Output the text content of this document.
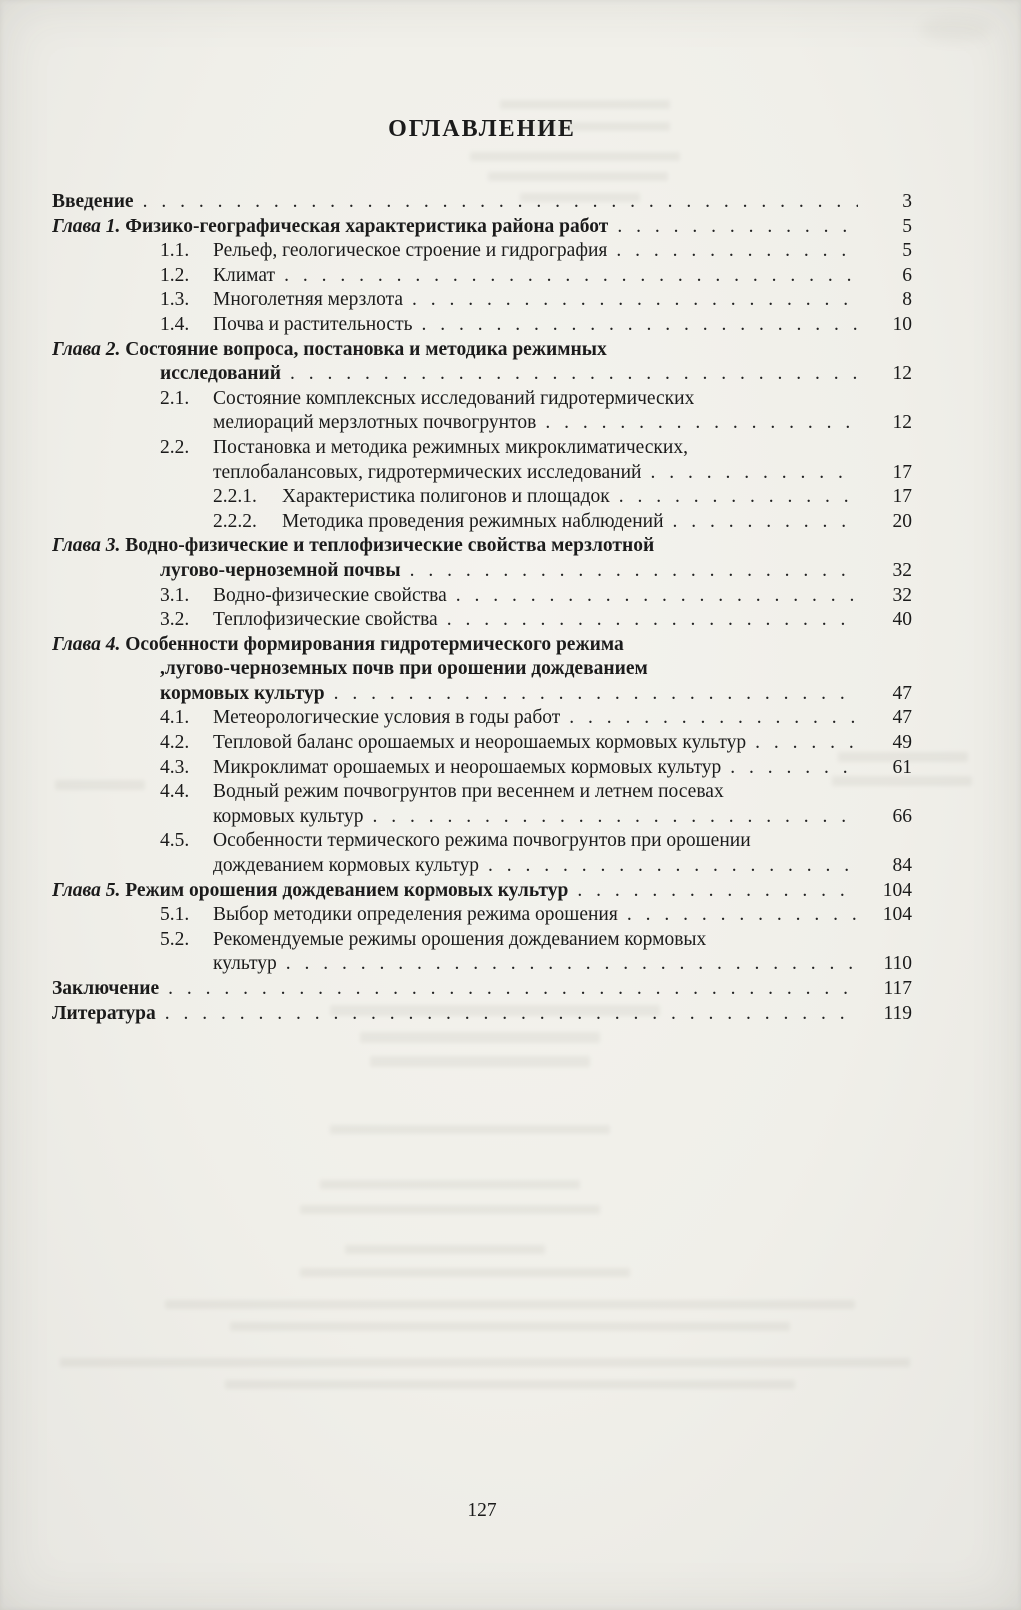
ОГЛАВЛЕНИЕ
Введение . . .	3
Глава 1. Физико-географическая характеристика района работ . . .	5
1.1. Рельеф, геологическое строение и гидрография . . .	5
1.2. Климат . . .	6
1.3. Многолетняя мерзлота . . .	8
1.4. Почва и растительность . . .	10
Глава 2. Состояние вопроса, постановка и методика режимных
исследований . . .	12
2.1. Состояние комплексных исследований гидротермических
мелиораций мерзлотных почвогрунтов . . .	12
2.2. Постановка и методика режимных микроклиматических,
теплобалансовых, гидротермических исследований . . .	17
2.2.1. Характеристика полигонов и площадок . . .	17
2.2.2. Методика проведения режимных наблюдений . . .	20
Глава 3. Водно-физические и теплофизические свойства мерзлотной
лугово-черноземной почвы . . .	32
3.1. Водно-физические свойства . . .	32
3.2. Теплофизические свойства . . .	40
Глава 4. Особенности формирования гидротермического режима
,лугово-черноземных почв при орошении дождеванием
кормовых культур . . .	47
4.1. Метеорологические условия в годы работ . . .	47
4.2. Тепловой баланс орошаемых и неорошаемых кормовых культур . . .	49
4.3. Микроклимат орошаемых и неорошаемых кормовых культур . . .	61
4.4. Водный режим почвогрунтов при весеннем и летнем посевах
кормовых культур . . .	66
4.5. Особенности термического режима почвогрунтов при орошении
дождеванием кормовых культур . . .	84
Глава 5. Режим орошения дождеванием кормовых культур . . .	104
5.1. Выбор методики определения режима орошения . . .	104
5.2. Рекомендуемые режимы орошения дождеванием кормовых
культур . . .	110
Заключение . . .	117
Литература . . .	119
127
